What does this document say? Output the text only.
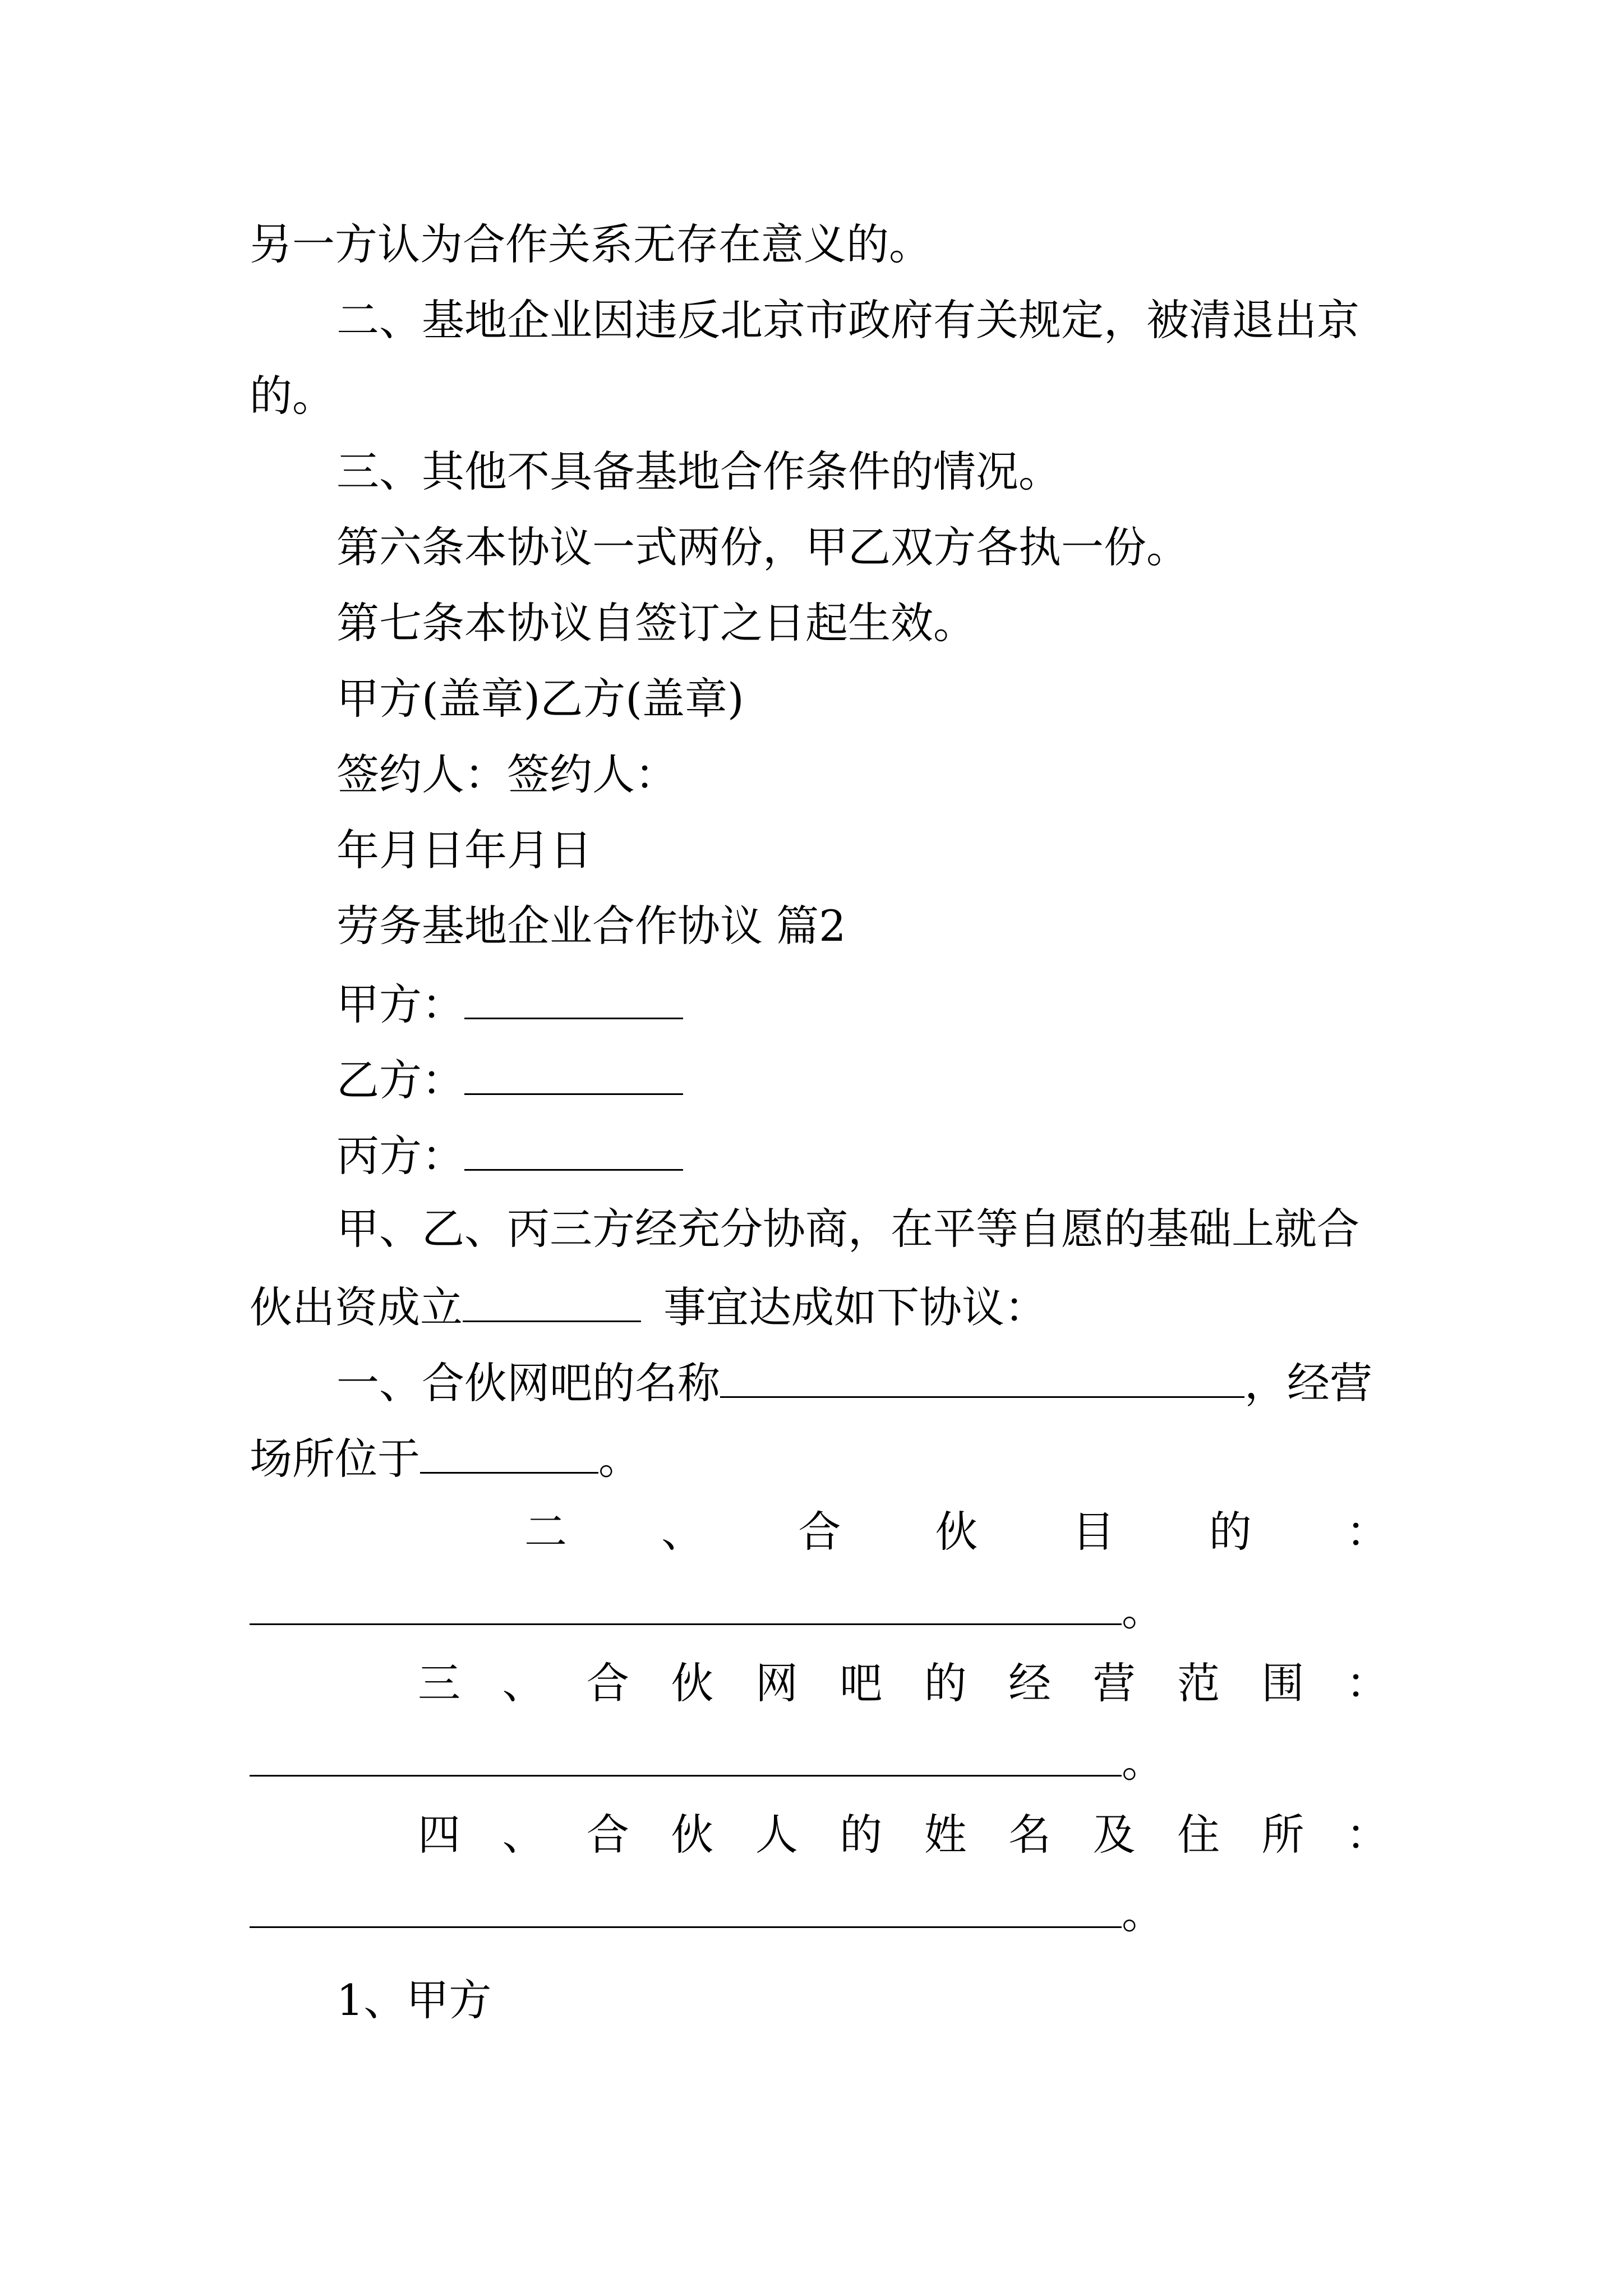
另一方认为合作关系无存在意义的。
二、基地企业因违反北京市政府有关规定，被清退出京
的。
三、其他不具备基地合作条件的情况。
第六条本协议一式两份，甲乙双方各执一份。
第七条本协议自签订之日起生效。
甲方(盖章)乙方(盖章)
签约人：签约人：
年月日年月日
劳务基地企业合作协议 篇2
甲方：
乙方：
丙方：
甲、乙、丙三方经充分协商，在平等自愿的基础上就合
伙出资成立	事宜达成如下协议：
一、合伙网吧的名称	，经营
场所位于	。
二 、 合 伙 目 的 ：
。
三 、 合 伙 网 吧 的 经 营 范 围 ：
。
四 、 合 伙 人 的 姓 名 及 住 所 ：
。
1、甲方
